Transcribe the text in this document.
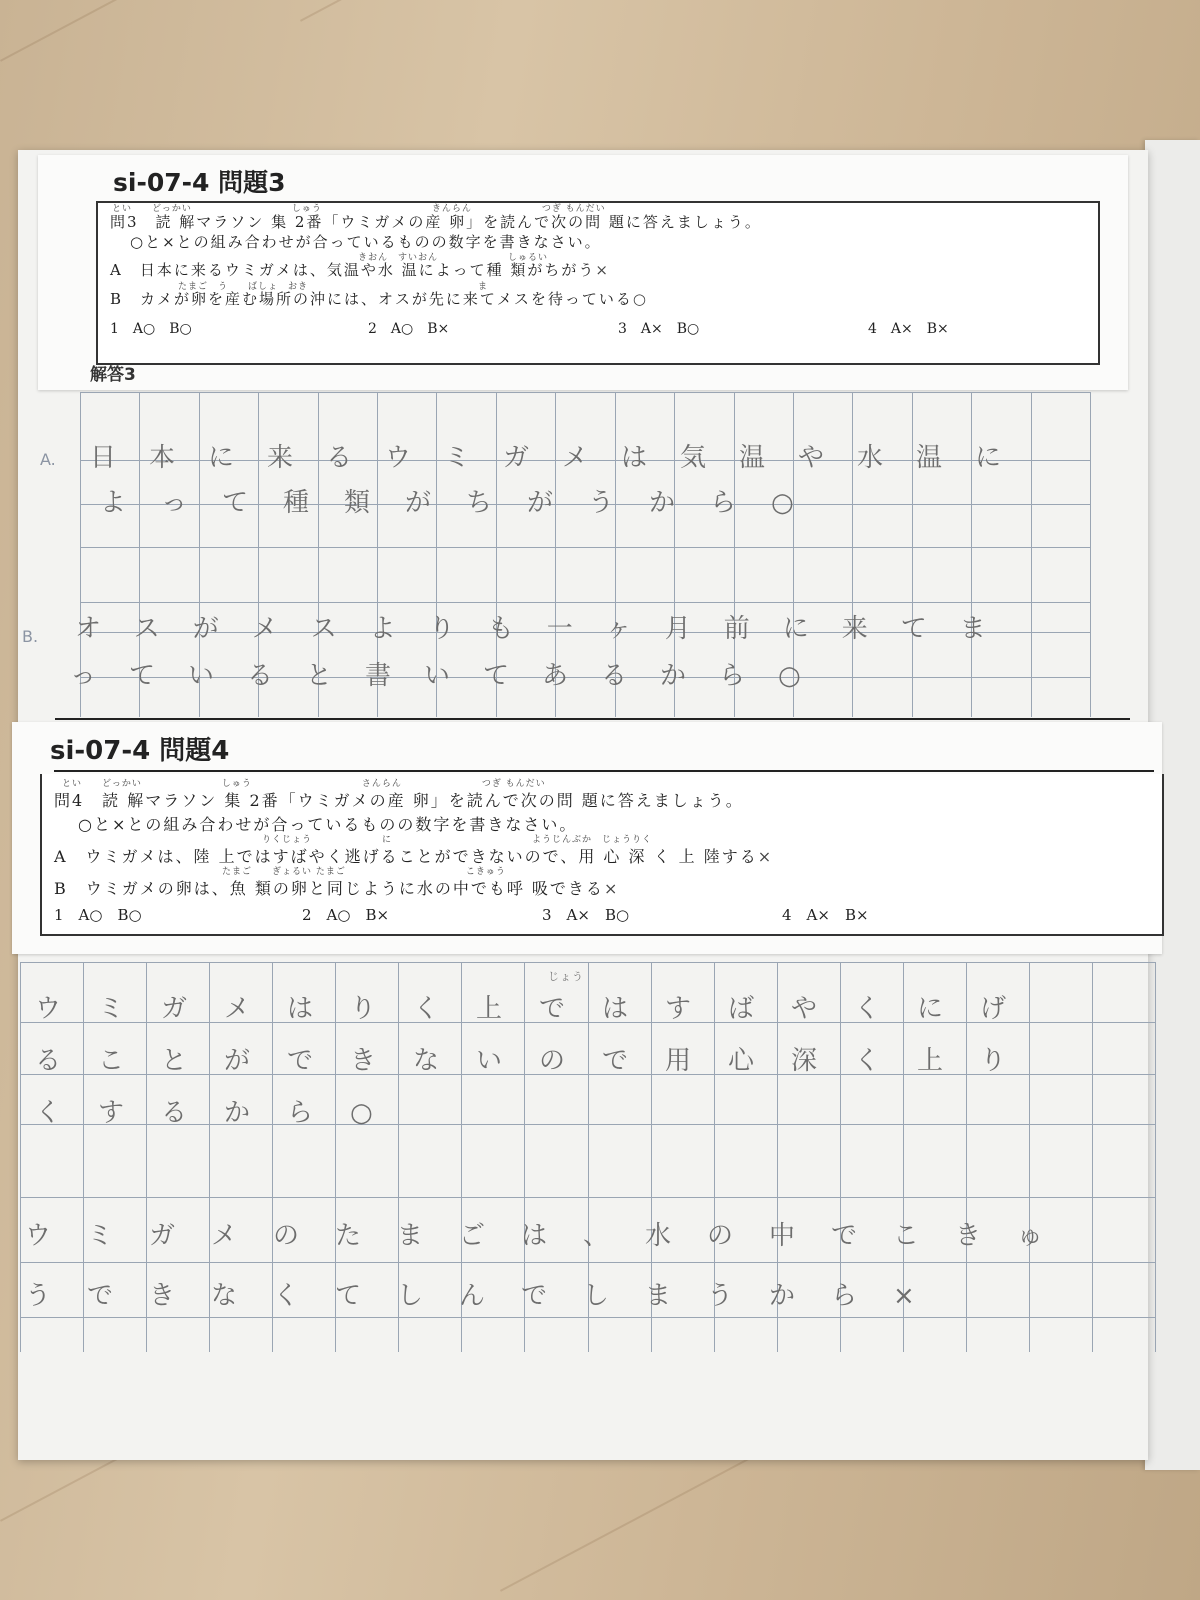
si-07-4 問題3
とい　　どっかい　　　　　　　　　　しゅう　　　　　　　　　　　きんらん　　　　　　　つぎ もんだい
問3　読 解マラソン 集 2番「ウミガメの産 卵」を読んで次の問 題に答えましょう。
○と×との組み合わせが合っているものの数字を書きなさい。
きおん　すいおん　　　　　　　しゅるい
A　日本に来るウミガメは、気温や水 温によって種 類がちがう×
たまご　う　　ばしょ　おき　　　　　　　　　　　　　　　　　ま
B　カメが卵を産む場所の沖には、オスが先に来てメスを待っている○
1　A○　B○	2　A○　B×	3　A×　B○	4　A×　B×
解答3
A.
B.
日本に来るウミガメは気温や水温に
よって種類がちがうから○
オスがメスよりも一ヶ月前に来てま
っていると書いてあるから○
si-07-4 問題4
とい　　どっかい　　　　　　　　しゅう　　　　　　　　　　　さんらん　　　　　　　　つぎ もんだい
問4　読 解マラソン 集 2番「ウミガメの産 卵」を読んで次の問 題に答えましょう。
○と×との組み合わせが合っているものの数字を書きなさい。
りくじょう　　　　　　　に　　　　　　　　　　　　　　ようじんぶか　じょうりく
A　ウミガメは、陸 上ではすばやく逃げることができないので、用 心 深 く 上 陸する×
たまご　　ぎょるい たまご　　　　　　　　　　　　こきゅう
B　ウミガメの卵は、魚 類の卵と同じように水の中でも呼 吸できる×
1　A○　B○	2　A○　B×	3　A×　B○	4　A×　B×
じょう
ウミガメはりく上ではすばやくにげ
ることができないので用心深く上り
くするから○
ウミガメのたまごは、水の中でこきゅ
うできなくてしんでしまうから×
